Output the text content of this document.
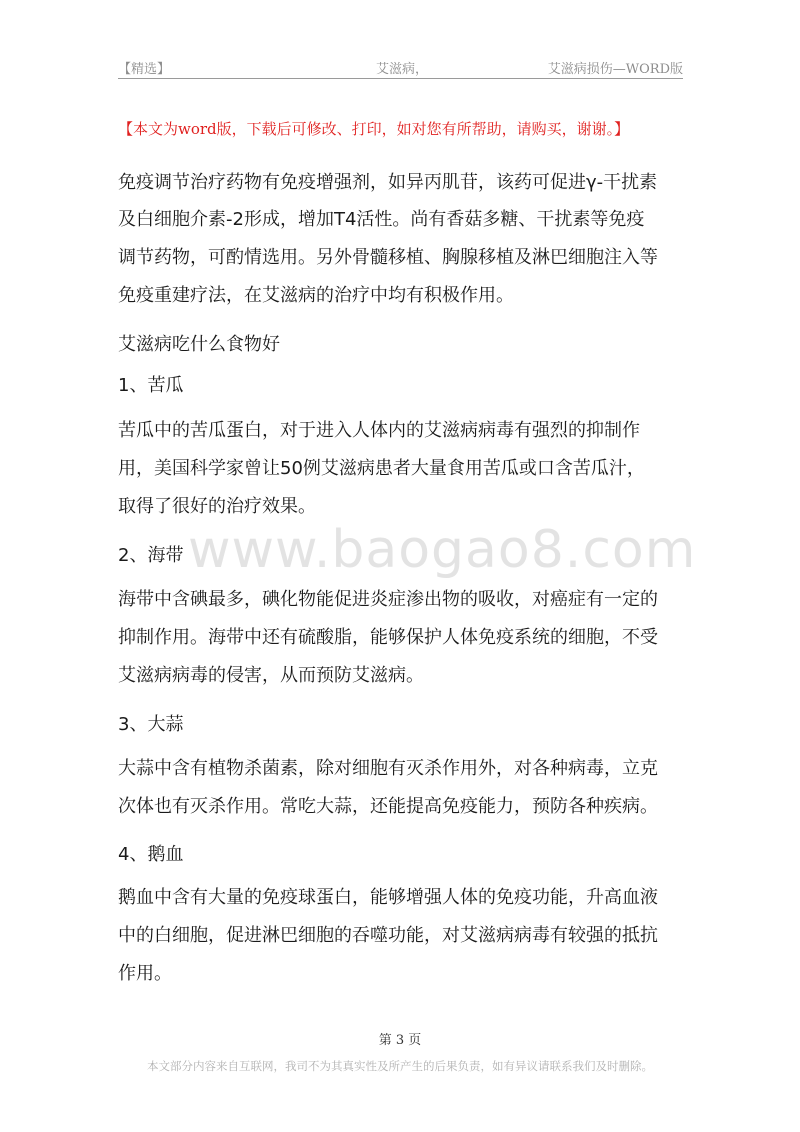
【精选】	艾滋病，	艾滋病损伤—WORD版
【本文为word版，下载后可修改、打印，如对您有所帮助，请购买，谢谢。】
www.baogao8.com
免疫调节治疗药物有免疫增强剂，如异丙肌苷，该药可促进γ-干扰素
及白细胞介素-2形成，增加T4活性。尚有香菇多糖、干扰素等免疫
调节药物，可酌情选用。另外骨髓移植、胸腺移植及淋巴细胞注入等
免疫重建疗法，在艾滋病的治疗中均有积极作用。
艾滋病吃什么食物好
1、苦瓜
苦瓜中的苦瓜蛋白，对于进入人体内的艾滋病病毒有强烈的抑制作
用，美国科学家曾让50例艾滋病患者大量食用苦瓜或口含苦瓜汁，
取得了很好的治疗效果。
2、海带
海带中含碘最多，碘化物能促进炎症渗出物的吸收，对癌症有一定的
抑制作用。海带中还有硫酸脂，能够保护人体免疫系统的细胞，不受
艾滋病病毒的侵害，从而预防艾滋病。
3、大蒜
大蒜中含有植物杀菌素，除对细胞有灭杀作用外，对各种病毒，立克
次体也有灭杀作用。常吃大蒜，还能提高免疫能力，预防各种疾病。
4、鹅血
鹅血中含有大量的免疫球蛋白，能够增强人体的免疫功能，升高血液
中的白细胞，促进淋巴细胞的吞噬功能，对艾滋病病毒有较强的抵抗
作用。
第 3 页
本文部分内容来自互联网，我司不为其真实性及所产生的后果负责，如有异议请联系我们及时删除。
